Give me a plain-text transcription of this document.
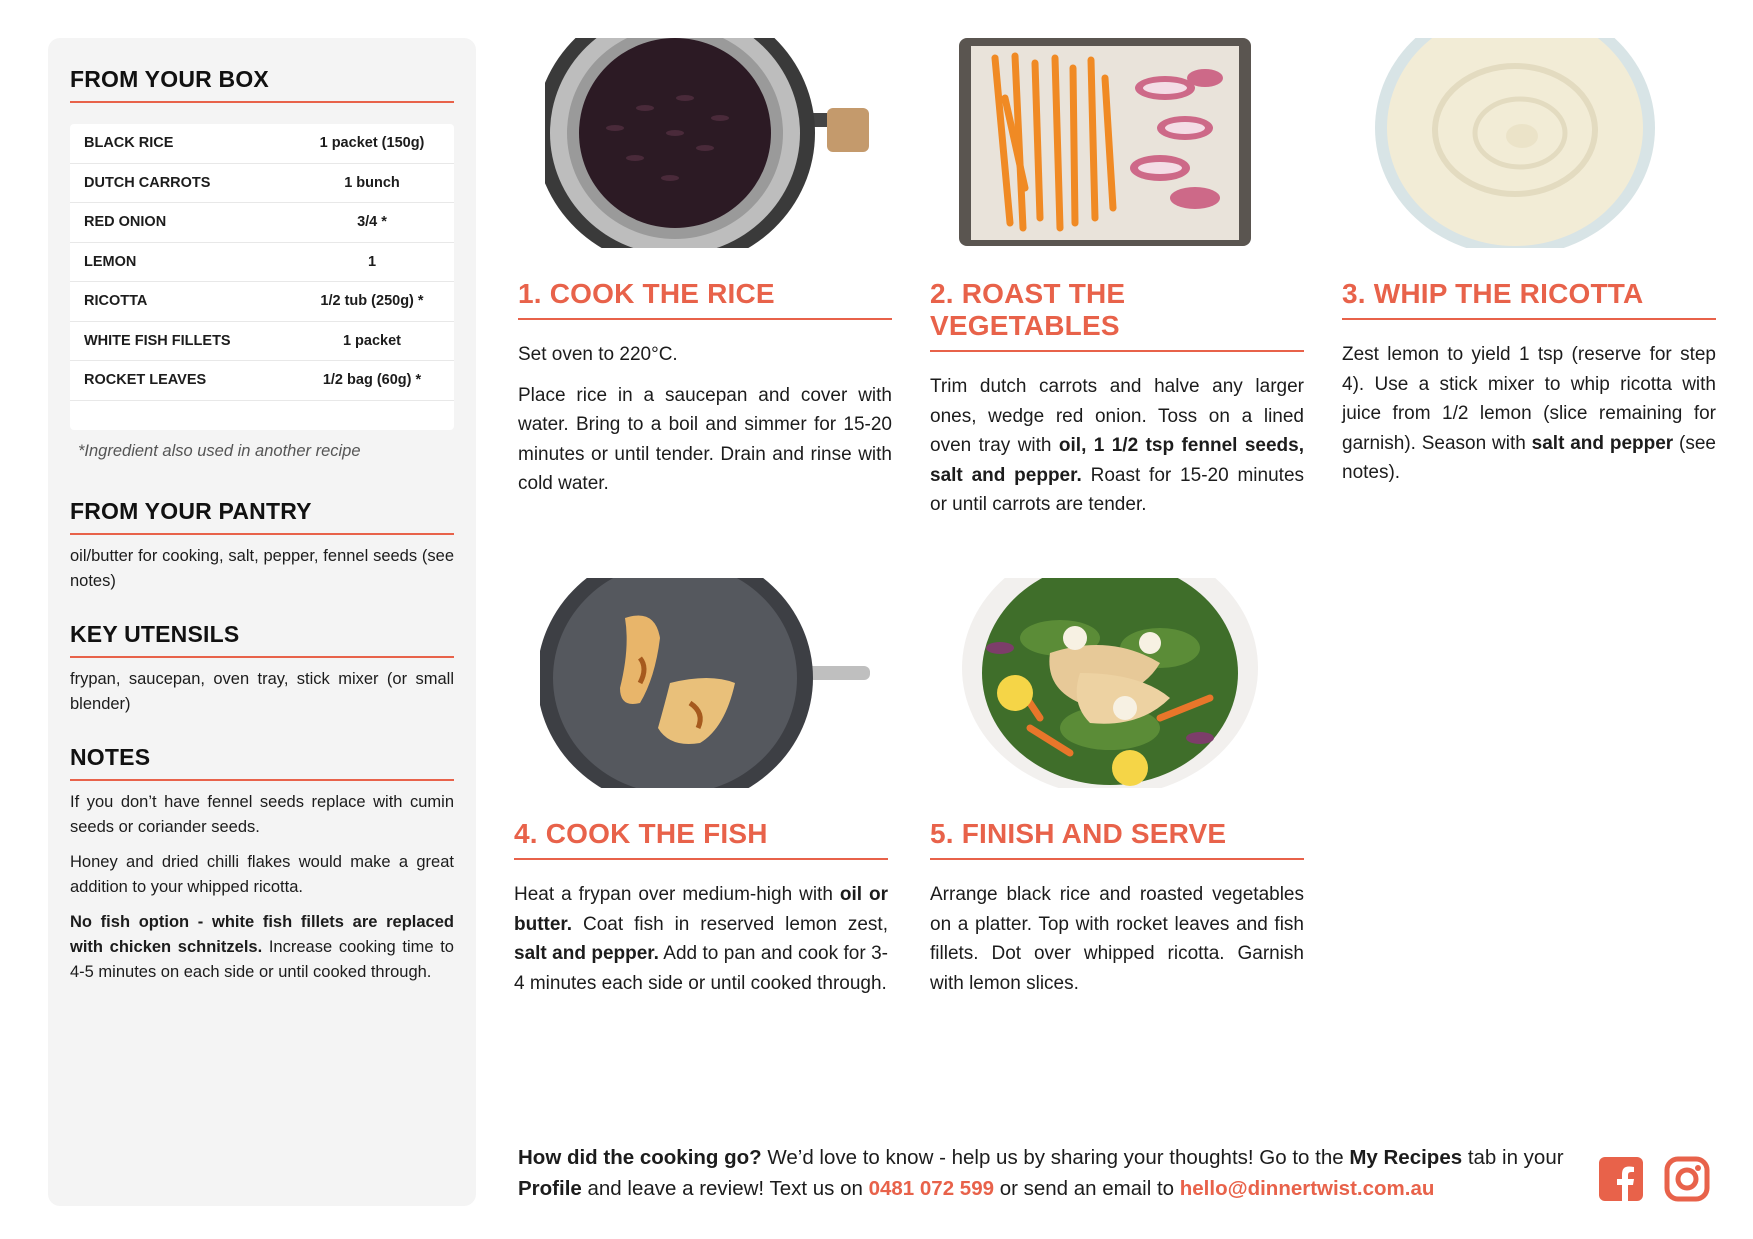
FROM YOUR BOX
BLACK RICE	1 packet (150g)
DUTCH CARROTS	1 bunch
RED ONION	3/4 *
LEMON	1
RICOTTA	1/2 tub (250g) *
WHITE FISH FILLETS	1 packet
ROCKET LEAVES	1/2 bag (60g) *
*Ingredient also used in another recipe
FROM YOUR PANTRY
oil/butter for cooking, salt, pepper, fennel seeds (see notes)
KEY UTENSILS
frypan, saucepan, oven tray, stick mixer (or small blender)
NOTES

If you don’t have fennel seeds replace with cumin seeds or coriander seeds.

Honey and dried chilli flakes would make a great addition to your whipped ricotta.

No fish option - white fish fillets are replaced with chicken schnitzels. Increase cooking time to 4-5 minutes on each side or until cooked through.

1. COOK THE RICE

Set oven to 220°C.

Place rice in a saucepan and cover with water. Bring to a boil and simmer for 15-20 minutes or until tender. Drain and rinse with cold water.

2. ROAST THE VEGETABLES

Trim dutch carrots and halve any larger ones, wedge red onion. Toss on a lined oven tray with oil, 1 1/2 tsp fennel seeds, salt and pepper. Roast for 15-20 minutes or until carrots are tender.

3. WHIP THE RICOTTA

Zest lemon to yield 1 tsp (reserve for step 4). Use a stick mixer to whip ricotta with juice from 1/2 lemon (slice remaining for garnish). Season with salt and pepper (see notes).

4. COOK THE FISH

Heat a frypan over medium-high with oil or butter. Coat fish in reserved lemon zest, salt and pepper. Add to pan and cook for 3-4 minutes each side or until cooked through.

5. FINISH AND SERVE

Arrange black rice and roasted vegetables on a platter. Top with rocket leaves and fish fillets. Dot over whipped ricotta. Garnish with lemon slices.

How did the cooking go? We’d love to know - help us by sharing your thoughts! Go to the My Recipes tab in your Profile and leave a review! Text us on 0481 072 599 or send an email to hello@dinnertwist.com.au
